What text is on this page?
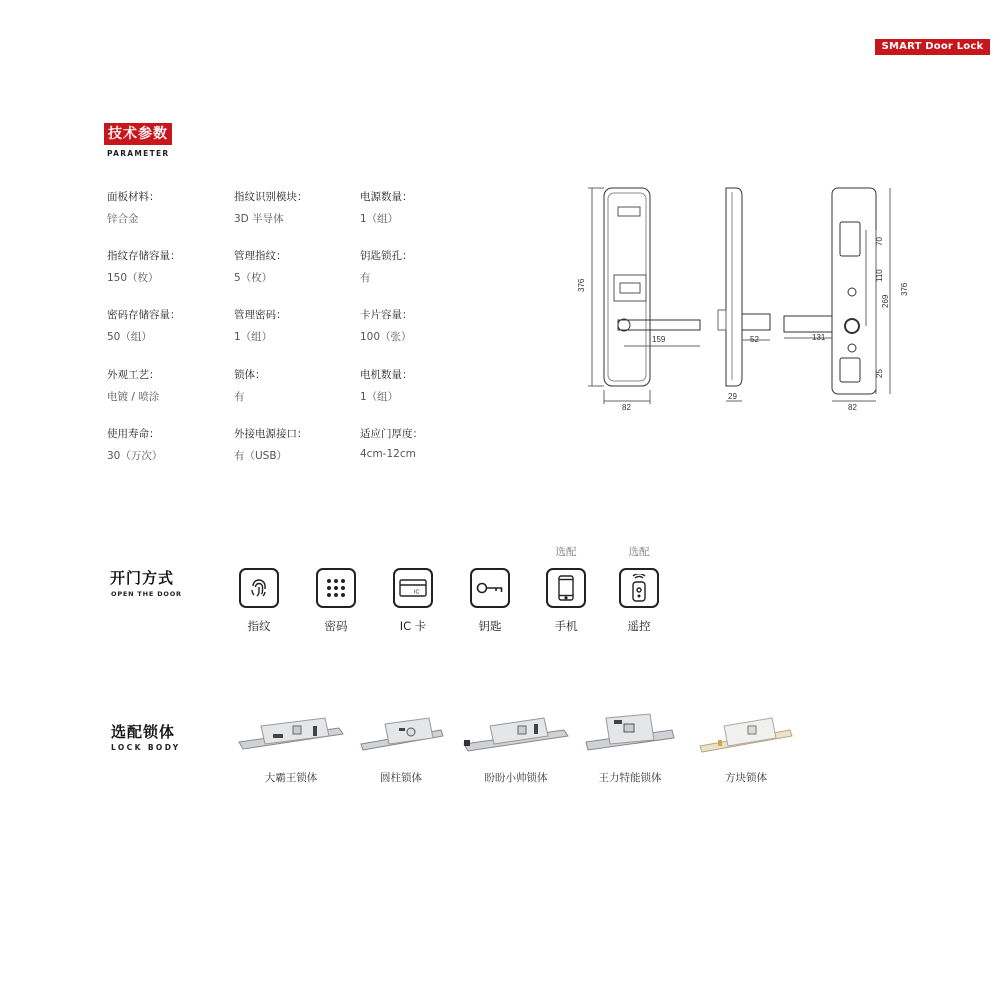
SMART Door Lock
技术参数
PARAMETER
面板材料：
锌合金
指纹识别模块：
3D 半导体
电源数量：
1（组）
指纹存储容量：
150（枚）
管理指纹：
5（枚）
钥匙锁孔：
有
密码存储容量：
50（组）
管理密码：
1（组）
卡片容量：
100（张）
外观工艺：
电镀 / 喷涂
锁体：
有
电机数量：
1（组）
使用寿命：
30（万次）
外接电源接口：
有（USB）
适应门厚度：
4cm-12cm
376
82
159	52
29
131
376
269
110
70
25
82
开门方式
OPEN THE DOOR
指纹	密码
IC
IC 卡	钥匙
选配
手机
选配
遥控
选配锁体
LOCK BODY
大霸王锁体	圆柱锁体	盼盼小帅锁体	王力特能锁体	方块锁体
